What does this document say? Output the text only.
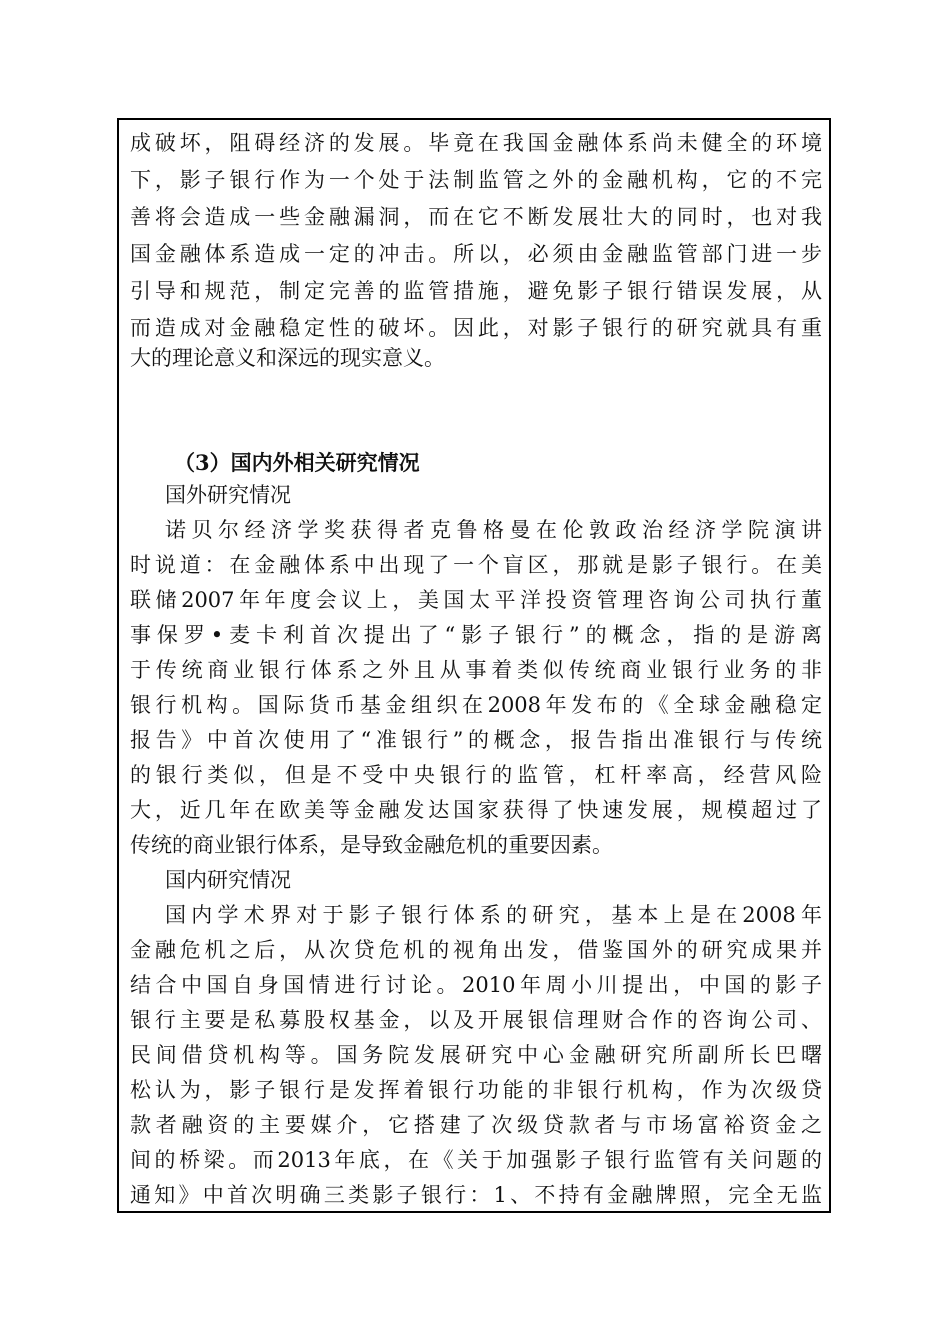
成破坏，阻碍经济的发展。毕竟在我国金融体系尚未健全的环境
下，影子银行作为一个处于法制监管之外的金融机构，它的不完
善将会造成一些金融漏洞，而在它不断发展壮大的同时，也对我
国金融体系造成一定的冲击。所以，必须由金融监管部门进一步
引导和规范，制定完善的监管措施，避免影子银行错误发展，从
而造成对金融稳定性的破坏。因此，对影子银行的研究就具有重
大的理论意义和深远的现实意义。
（3）国内外相关研究情况
国外研究情况
诺贝尔经济学奖获得者克鲁格曼在伦敦政治经济学院演讲
时说道：在金融体系中出现了一个盲区，那就是影子银行。在美
联储2007年年度会议上，美国太平洋投资管理咨询公司执行董
事保罗•麦卡利首次提出了“影子银行”的概念，指的是游离
于传统商业银行体系之外且从事着类似传统商业银行业务的非
银行机构。国际货币基金组织在2008年发布的《全球金融稳定
报告》中首次使用了“准银行”的概念，报告指出准银行与传统
的银行类似，但是不受中央银行的监管，杠杆率高，经营风险
大，近几年在欧美等金融发达国家获得了快速发展，规模超过了
传统的商业银行体系，是导致金融危机的重要因素。
国内研究情况
国内学术界对于影子银行体系的研究，基本上是在2008年
金融危机之后，从次贷危机的视角出发，借鉴国外的研究成果并
结合中国自身国情进行讨论。2010年周小川提出，中国的影子
银行主要是私募股权基金，以及开展银信理财合作的咨询公司、
民间借贷机构等。国务院发展研究中心金融研究所副所长巴曙
松认为，影子银行是发挥着银行功能的非银行机构，作为次级贷
款者融资的主要媒介，它搭建了次级贷款者与市场富裕资金之
间的桥梁。而2013年底，在《关于加强影子银行监管有关问题的
通知》中首次明确三类影子银行：1、不持有金融牌照，完全无监
